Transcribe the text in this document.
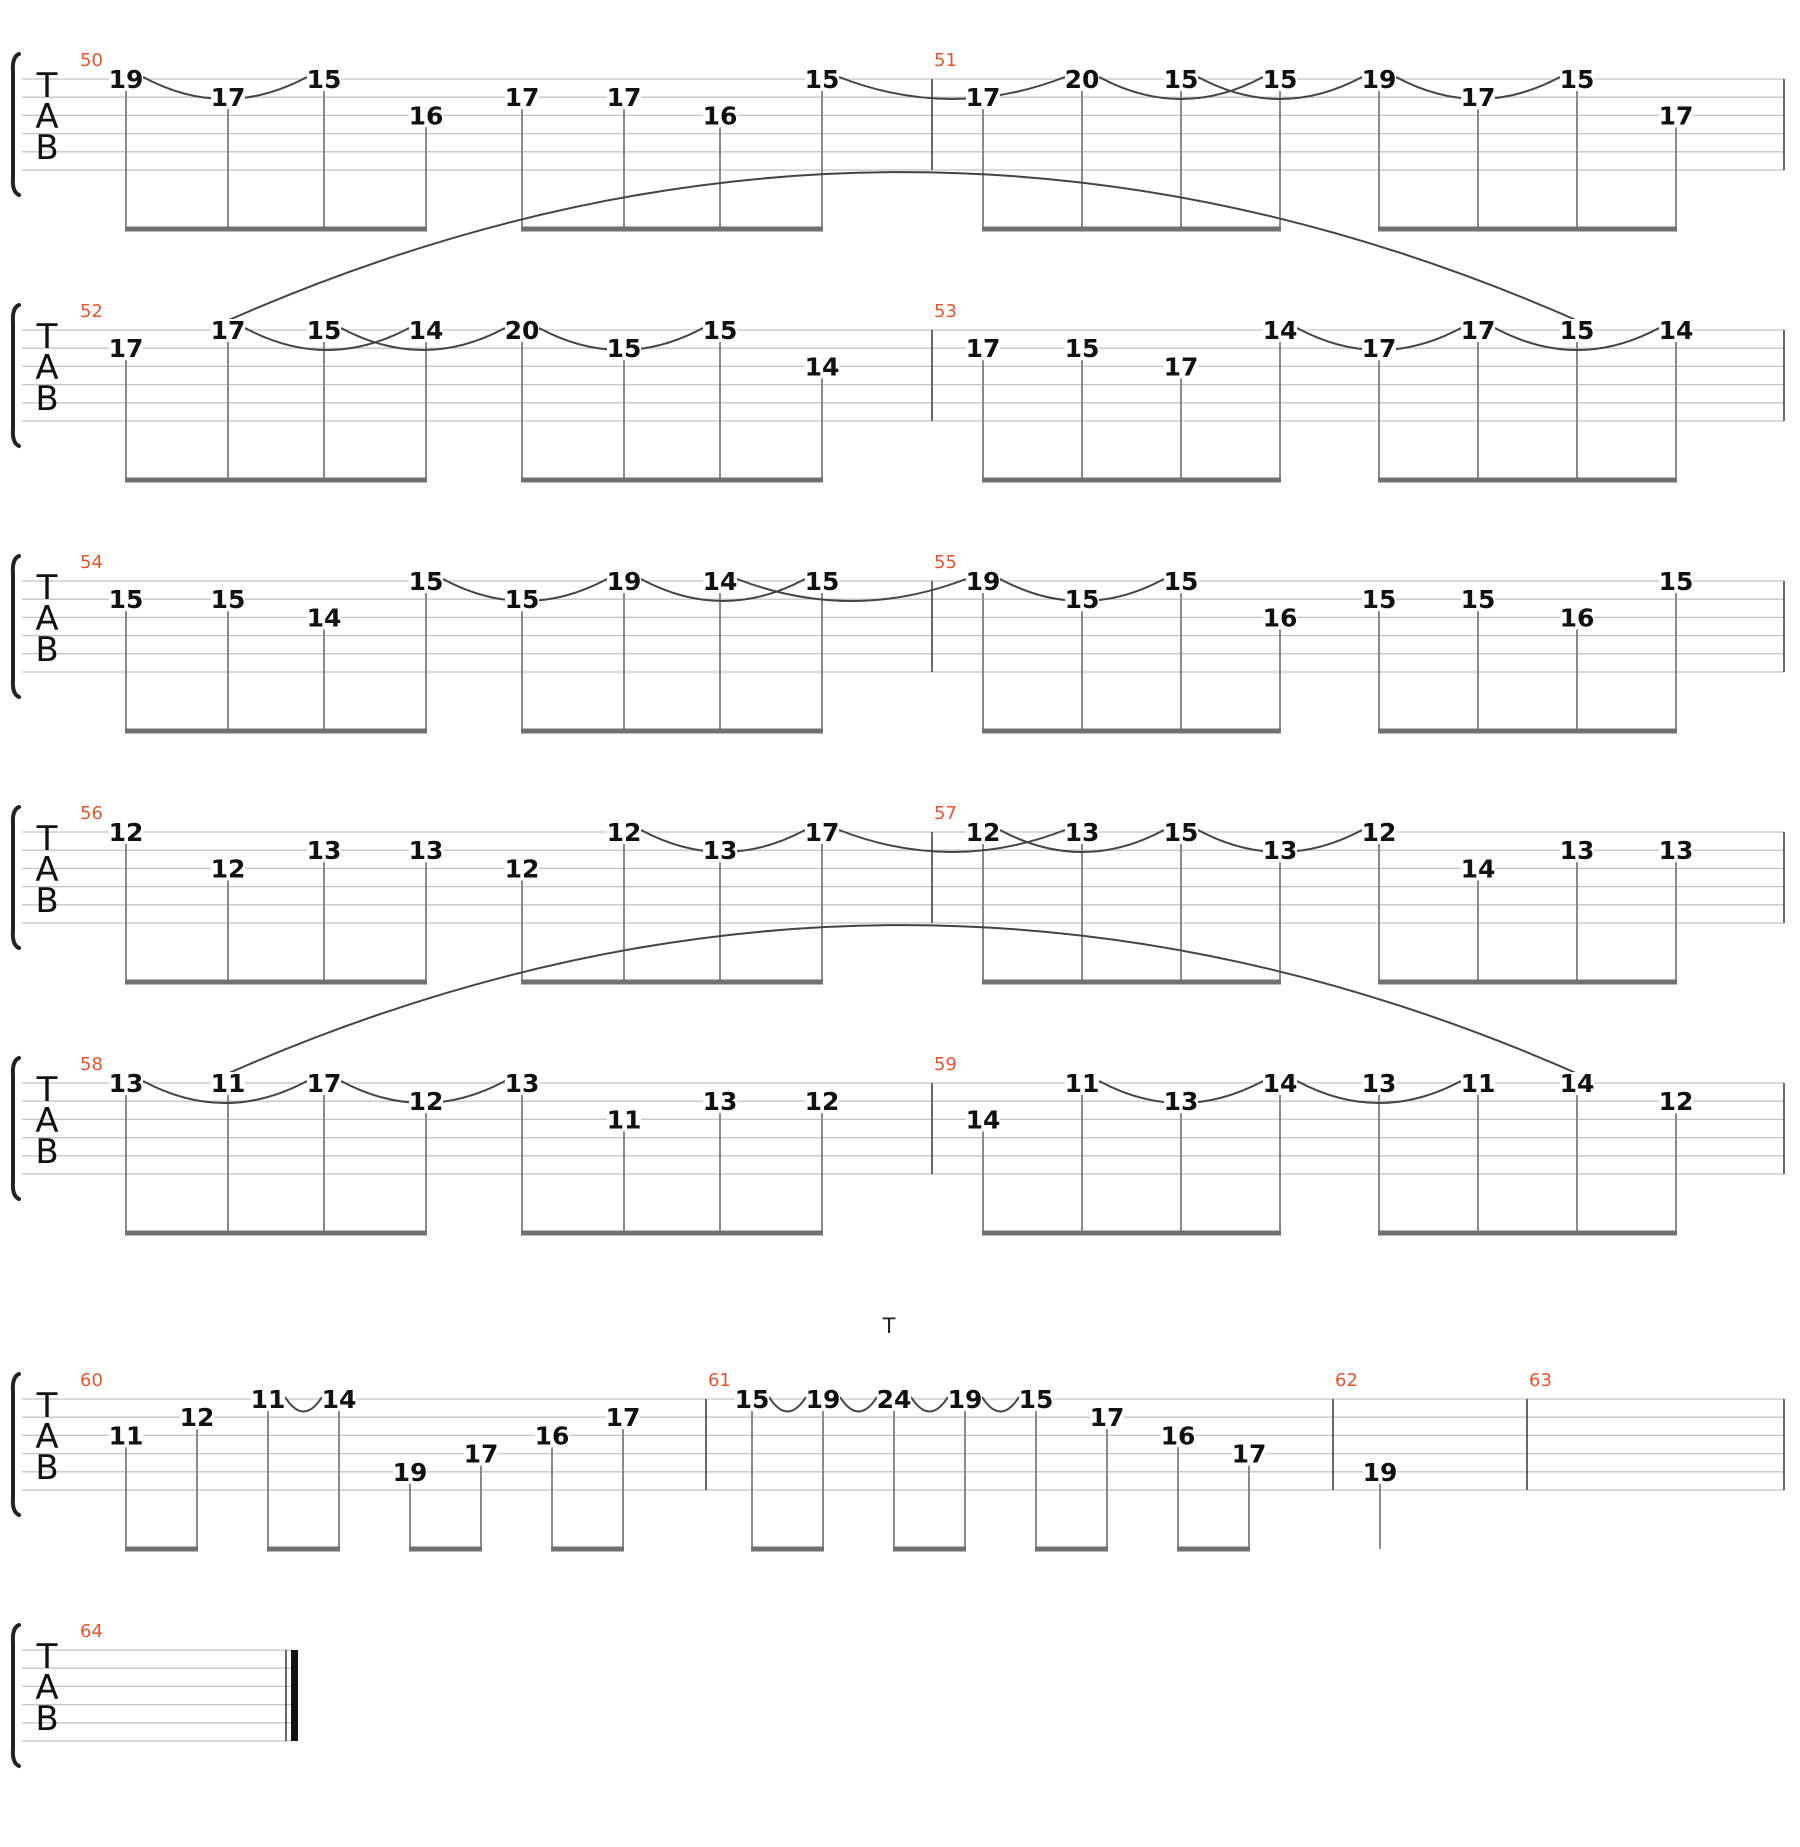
T
A
B
50
19	15
17
16
17
15	19	15
51
17
16
17
15	20	15
17
17
T
A
B
52
17
15	20	15
17
17
17
15
53
17	14
15
14
15
14	17	14
T
A
B
54
15
14
15
14	19	15
15
16
55
15
15	19	15
15
16
15
15
T
A
B
56
12
13
12
13
12	15	12
13
57
12
13
12	17	13
13
14
13
T
A
B
58
13	17	13
13
14
13
13	14
59
11
12
11
12
11	14	11
12
T
A
B
T
60
11
12
11 14
19
17
16
17
61
15 19 24 19 15
17
16
17
62
19
63
T
A
B
64
